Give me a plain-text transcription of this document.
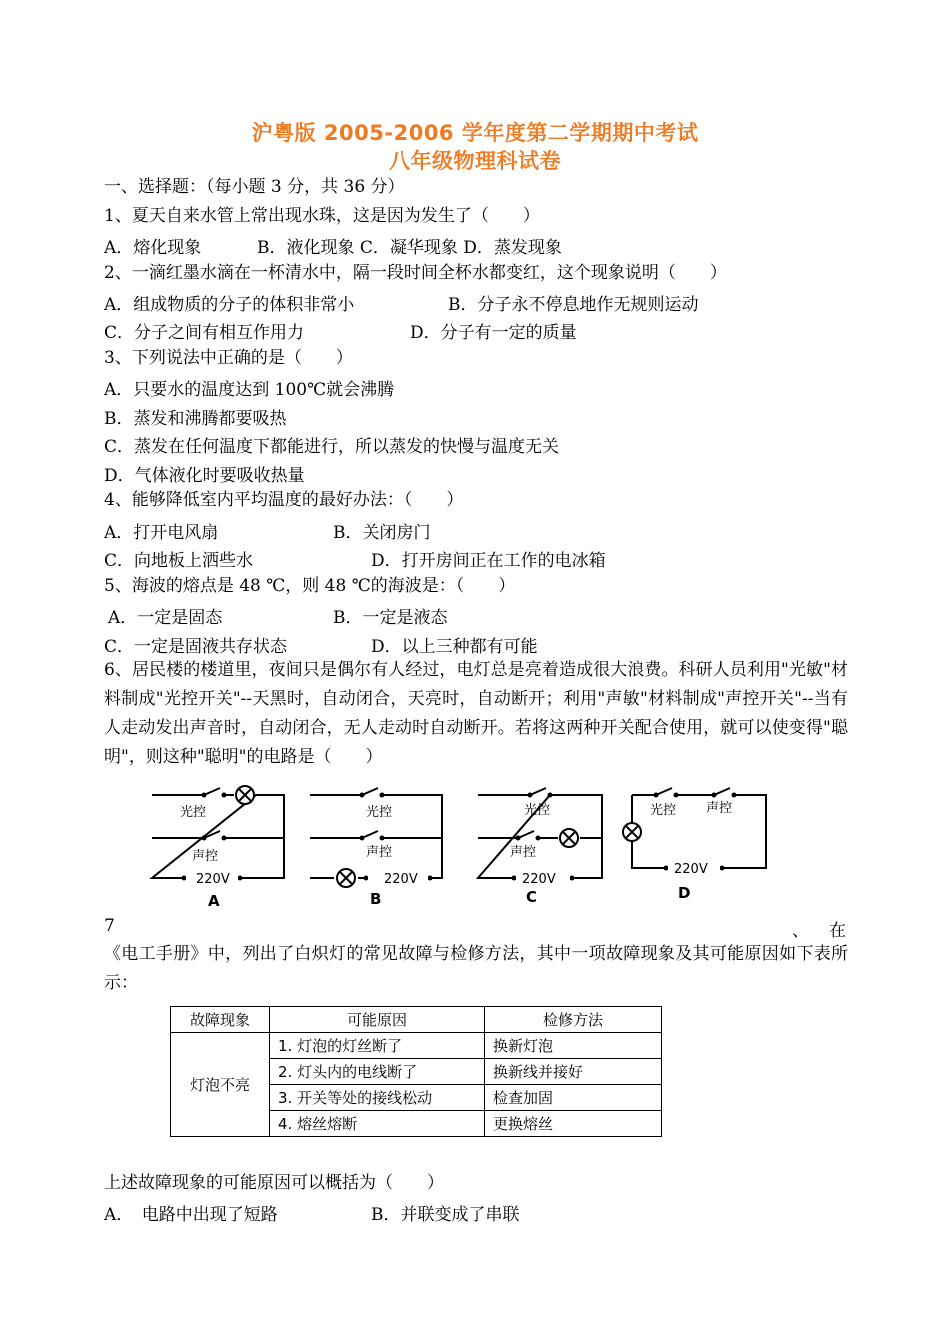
沪粤版 2005-2006 学年度第二学期期中考试
八年级物理科试卷
一、选择题：（每小题 3 分，共 36 分）
1、夏天自来水管上常出现水珠，这是因为发生了（　　）
A．熔化现象	B．液化现象 C．凝华现象 D．蒸发现象
2、一滴红墨水滴在一杯清水中，隔一段时间全杯水都变红，这个现象说明（　　）
A．组成物质的分子的体积非常小	B．分子永不停息地作无规则运动
C．分子之间有相互作用力	D．分子有一定的质量
3、下列说法中正确的是（　　）
A．只要水的温度达到 100℃就会沸腾
B．蒸发和沸腾都要吸热
C．蒸发在任何温度下都能进行，所以蒸发的快慢与温度无关
D．气体液化时要吸收热量
4、能够降低室内平均温度的最好办法：（　　）
A．打开电风扇	B．关闭房门
C．向地板上洒些水	D．打开房间正在工作的电冰箱
5、海波的熔点是 48 ℃，则 48 ℃的海波是：（　　）
A．一定是固态	B．一定是液态
C．一定是固液共存状态	D．以上三种都有可能
6、居民楼的楼道里，夜间只是偶尔有人经过，电灯总是亮着造成很大浪费。科研人员利用"光敏"材料制成"光控开关"--天黑时，自动闭合，天亮时，自动断开；利用"声敏"材料制成"声控开关"--当有人走动发出声音时，自动闭合，无人走动时自动断开。若将这两种开关配合使用，就可以使变得"聪明"，则这种"聪明"的电路是（　　）
光控
声控
220V
光控
声控
220V
光控
声控
220V
光控 声控
220V
A	B	C	D
7	、 在
《电工手册》中，列出了白炽灯的常见故障与检修方法，其中一项故障现象及其可能原因如下表所示：
故障现象	可能原因	检修方法
灯泡不亮	1. 灯泡的灯丝断了	换新灯泡
	2. 灯头内的电线断了	换新线并接好
	3. 开关等处的接线松动	检查加固
	4. 熔丝熔断	更换熔丝
上述故障现象的可能原因可以概括为（　　）
A．　电路中出现了短路	B．并联变成了串联
